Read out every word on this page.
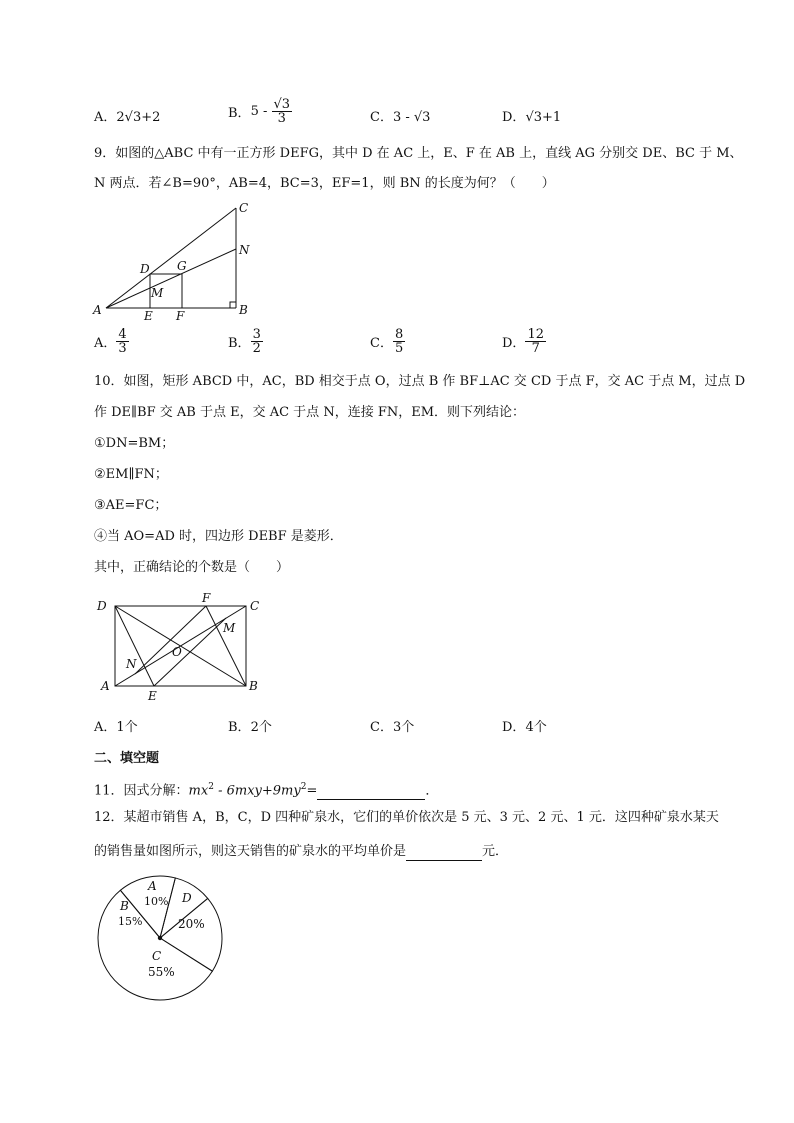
A．2√3+2	B．$5 - \frac{√3}{3}$	C．3 - √3	D．√3+1
9．如图的△ABC 中有一正方形 DEFG，其中 D 在 AC 上，E、F 在 AB 上，直线 AG 分别交 DE、BC 于 M、
N 两点．若∠B=90°，AB=4，BC=3，EF=1，则 BN 的长度为何？（　　）
C
N
D G
M
A	B
E F
A． $\frac{4}{3}$	B． $\frac{3}{2}$	C． $\frac{8}{5}$	D． $\frac{12}{7}$
10．如图，矩形 ABCD 中，AC，BD 相交于点 O，过点 B 作 BF⊥AC 交 CD 于点 F，交 AC 于点 M，过点 D
作 DE∥BF 交 AB 于点 E，交 AC 于点 N，连接 FN，EM．则下列结论：
①DN=BM；
②EM∥FN；
③AE=FC；
④当 AO=AD 时，四边形 DEBF 是菱形．
其中，正确结论的个数是（　　）
D
F
C
M
O
N
A
E
B
A．1个	B．2个	C．3个	D．4个
二、填空题
11．因式分解：$mx^2 - 6mxy+9my^2=$	．
12．某超市销售 A，B，C，D 四种矿泉水，它们的单价依次是 5 元、3 元、2 元、1 元．这四种矿泉水某天
的销售量如图所示，则这天销售的矿泉水的平均单价是	元．
A
10%
B
15%
D
20%
C
55%
